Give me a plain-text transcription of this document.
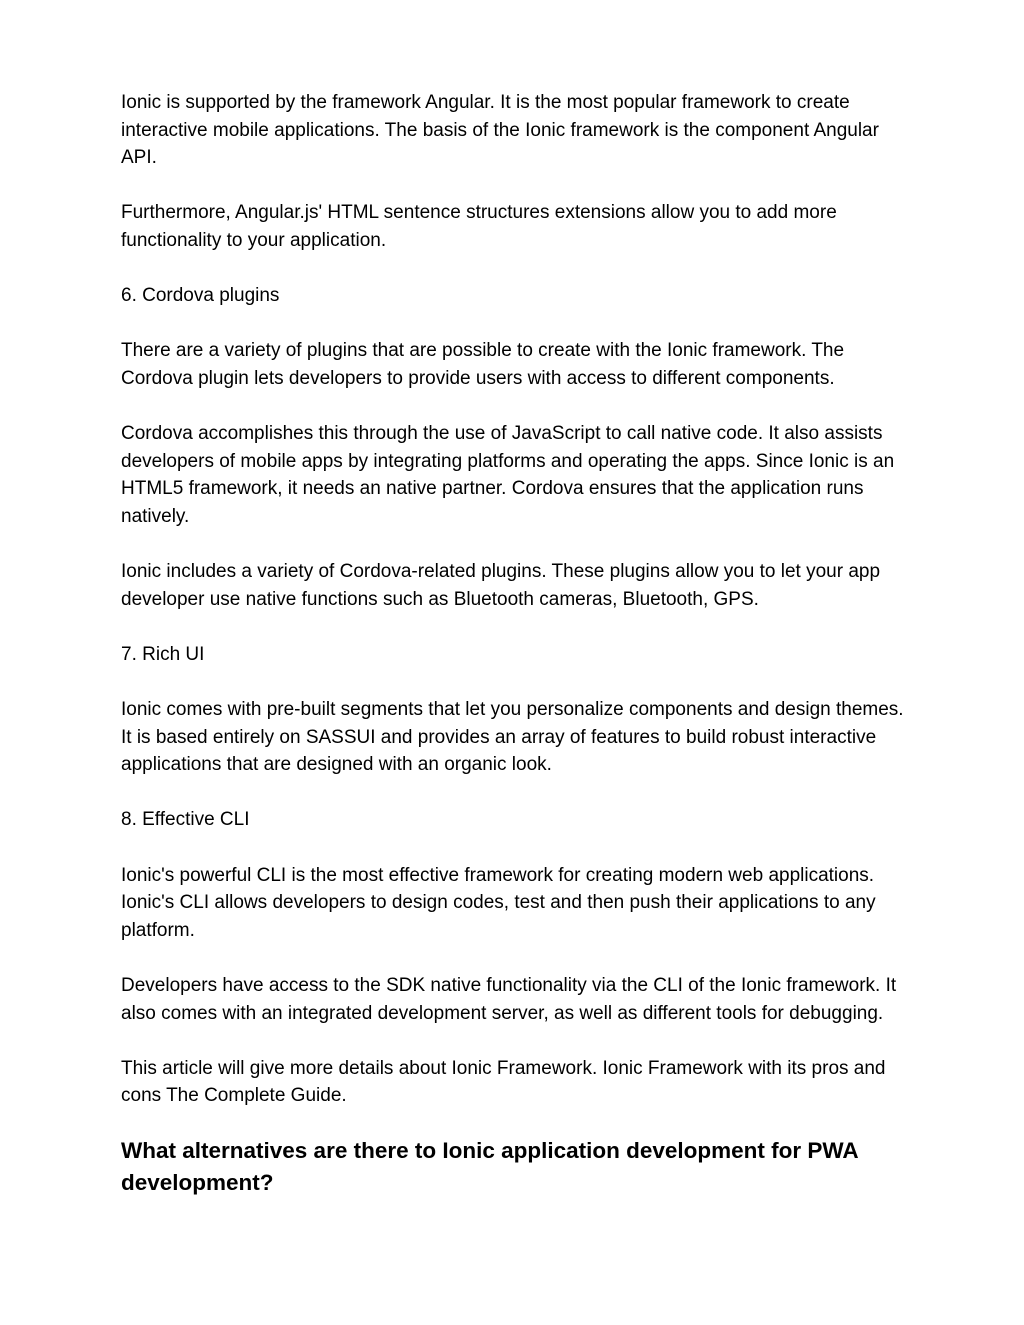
Ionic is supported by the framework Angular. It is the most popular framework to create interactive mobile applications. The basis of the Ionic framework is the component Angular API.

Furthermore, Angular.js' HTML sentence structures extensions allow you to add more functionality to your application.

6. Cordova plugins

There are a variety of plugins that are possible to create with the Ionic framework. The Cordova plugin lets developers to provide users with access to different components.

Cordova accomplishes this through the use of JavaScript to call native code. It also assists developers of mobile apps by integrating platforms and operating the apps. Since Ionic is an HTML5 framework, it needs an native partner. Cordova ensures that the application runs natively.

Ionic includes a variety of Cordova-related plugins. These plugins allow you to let your app developer use native functions such as Bluetooth cameras, Bluetooth, GPS.

7. Rich UI

Ionic comes with pre-built segments that let you personalize components and design themes. It is based entirely on SASSUI and provides an array of features to build robust interactive applications that are designed with an organic look.

8. Effective CLI

Ionic's powerful CLI is the most effective framework for creating modern web applications. Ionic's CLI allows developers to design codes, test and then push their applications to any platform.

Developers have access to the SDK native functionality via the CLI of the Ionic framework. It also comes with an integrated development server, as well as different tools for debugging.

This article will give more details about Ionic Framework. Ionic Framework with its pros and cons The Complete Guide.

What alternatives are there to Ionic application development for PWA development?
